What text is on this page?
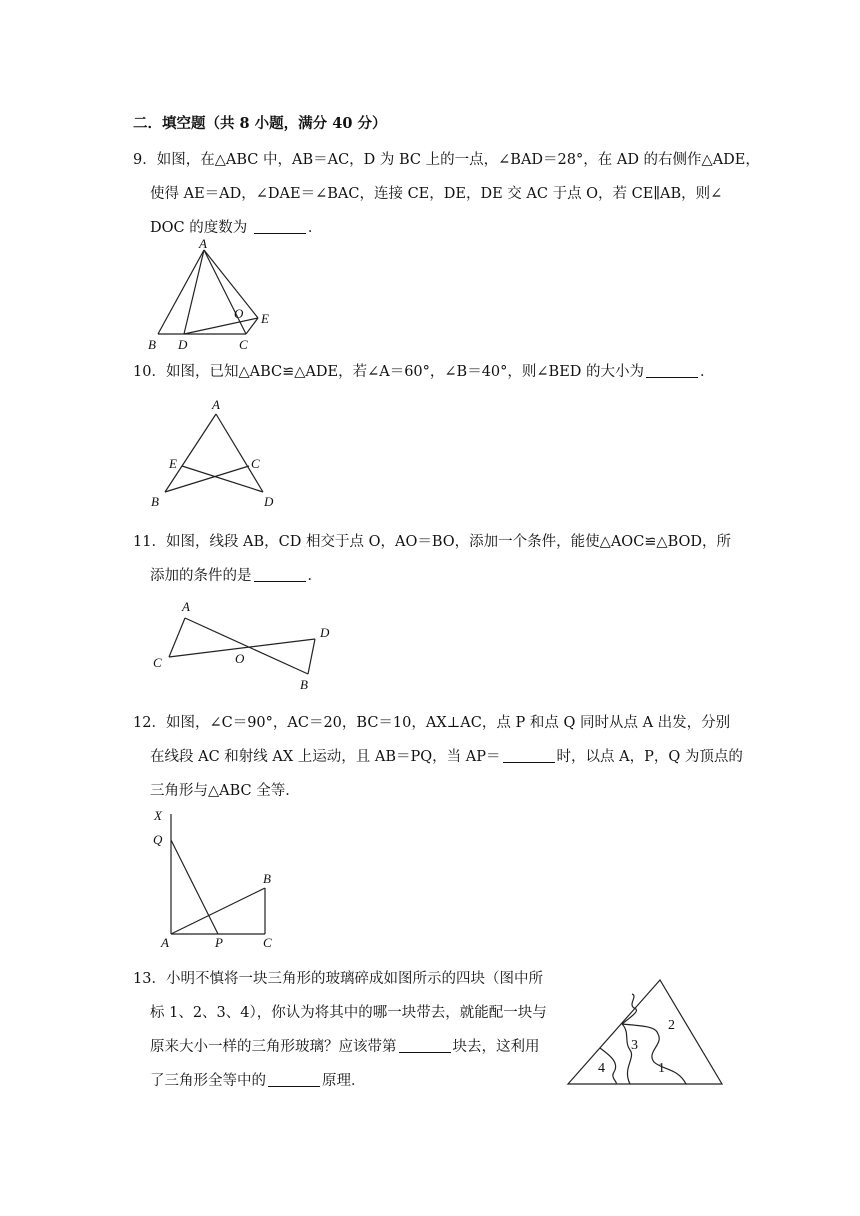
二．填空题（共 8 小题，满分 40 分）
9．如图，在△ABC 中，AB＝AC，D 为 BC 上的一点，∠BAD＝28°，在 AD 的右侧作△ADE，
使得 AE＝AD，∠DAE＝∠BAC，连接 CE，DE，DE 交 AC 于点 O，若 CE∥AB，则∠
DOC 的度数为	．
A
B D	C
E
O
10．如图，已知△ABC≌△ADE，若∠A＝60°，∠B＝40°，则∠BED 的大小为	．
A
E	C
B	D
11．如图，线段 AB，CD 相交于点 O，AO＝BO，添加一个条件，能使△AOC≌△BOD，所
添加的条件的是	．
A
C	O
D
B
12．如图，∠C＝90°，AC＝20，BC＝10，AX⊥AC，点 P 和点 Q 同时从点 A 出发，分别
在线段 AC 和射线 AX 上运动，且 AB＝PQ，当 AP＝	时，以点 A，P，Q 为顶点的
三角形与△ABC 全等．
X
Q
B
A	P	C
13．小明不慎将一块三角形的玻璃碎成如图所示的四块（图中所
标 1、2、3、4），你认为将其中的哪一块带去，就能配一块与
原来大小一样的三角形玻璃？应该带第	块去，这利用
了三角形全等中的	原理．
4
3
2
1
